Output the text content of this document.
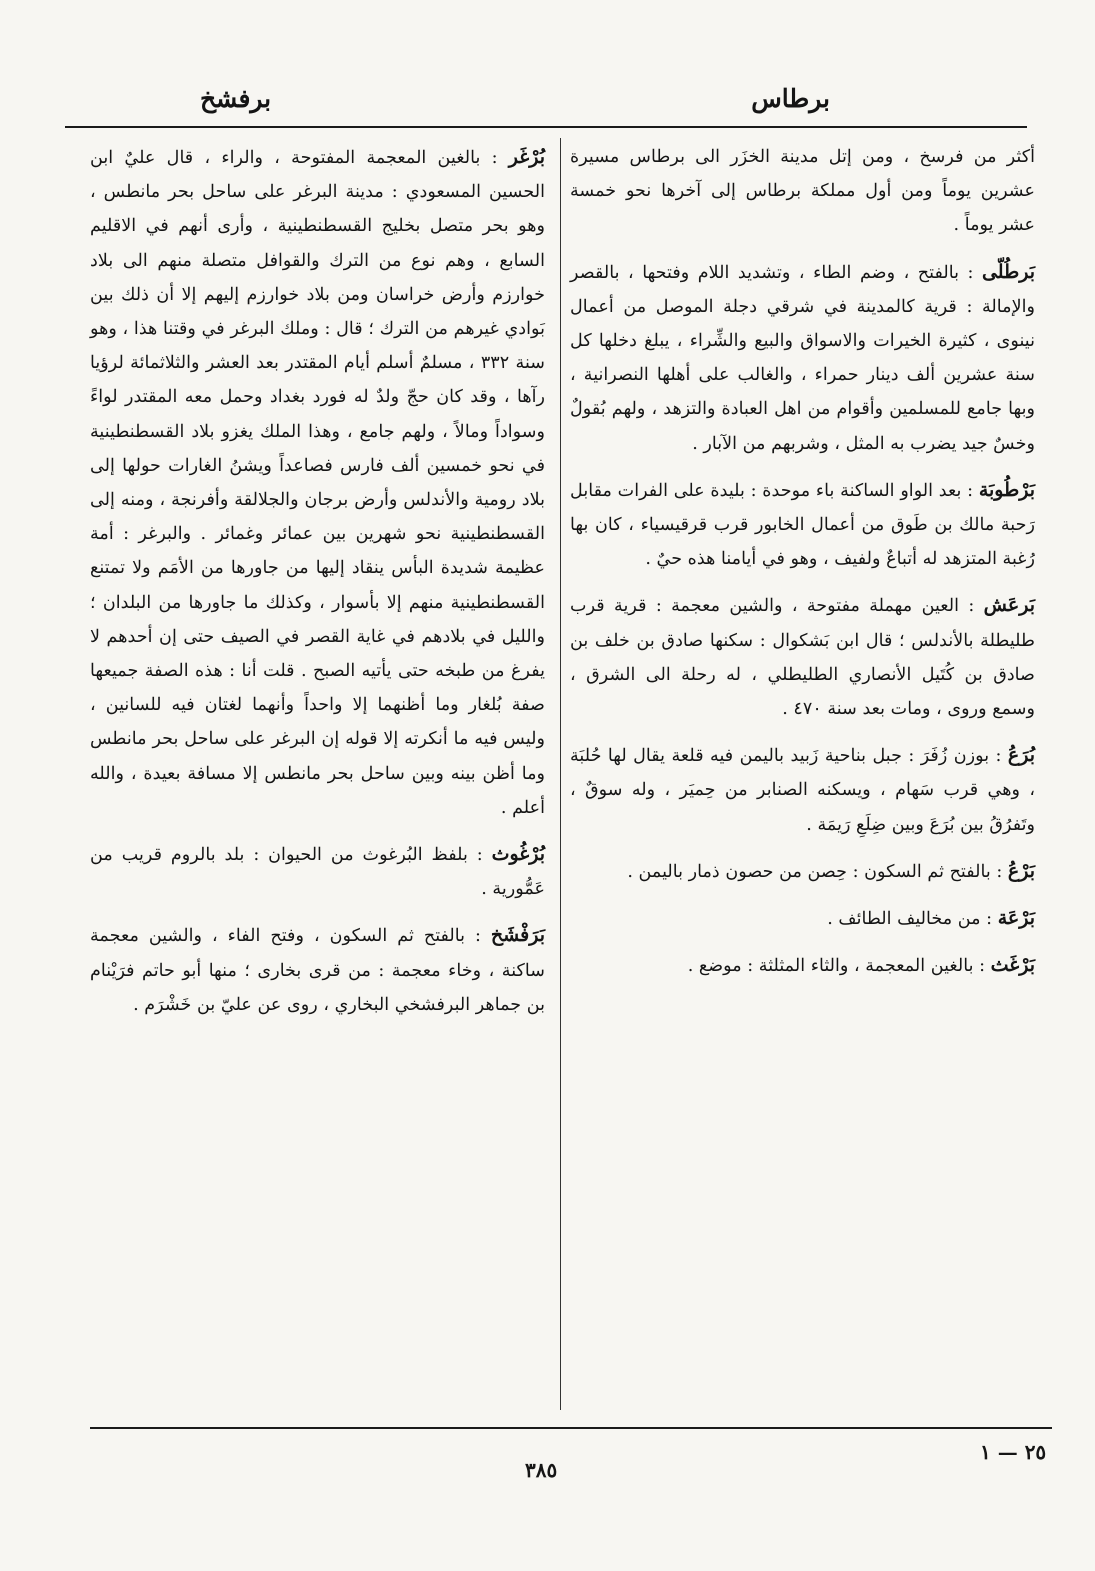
برطاس
برفشخ

أكثر من فرسخ ، ومن إتل مدينة الخزَر الى برطاس مسيرة عشرين يوماً ومن أول مملكة برطاس إلى آخرها نحو خمسة عشر يوماً .

بَرطُلّى : بالفتح ، وضم الطاء ، وتشديد اللام وفتحها ، بالقصر والإمالة : قرية كالمدينة في شرقي دجلة الموصل من أعمال نينوى ، كثيرة الخيرات والاسواق والبيع والشِّراء ، يبلغ دخلها كل سنة عشرين ألف دينار حمراء ، والغالب على أهلها النصرانية ، وبها جامع للمسلمين وأقوام من اهل العبادة والتزهد ، ولهم بُقولٌ وخسٌ جيد يضرب به المثل ، وشربهم من الآبار .

بَرْطُوبَة : بعد الواو الساكنة باء موحدة : بليدة على الفرات مقابل رَحبة مالك بن طَوق من أعمال الخابور قرب قرقيسياء ، كان بها رُغبة المتزهد له أتباعٌ ولفيف ، وهو في أيامنا هذه حيٌ .

بَرعَش : العين مهملة مفتوحة ، والشين معجمة : قرية قرب طليطلة بالأندلس ؛ قال ابن بَشكوال : سكنها صادق بن خلف بن صادق بن كُتَيل الأنصاري الطليطلي ، له رحلة الى الشرق ، وسمع وروى ، ومات بعد سنة ٤٧٠ .

بُرَعُ : بوزن زُفَرَ : جبل بناحية زَبيد باليمن فيه قلعة يقال لها حُلبَة ، وهي قرب سَهام ، ويسكنه الصنابر من حِميَر ، وله سوقٌ ، وتَفرُقُ بين بُرَعَ وبين ضِلَعِ رَيمَة .

بَرْعُ : بالفتح ثم السكون : حِصن من حصون ذمار باليمن .

بَرْعَة : من مخاليف الطائف .

بَرْغَث : بالغين المعجمة ، والثاء المثلثة : موضع .

بُرْغَر : بالغين المعجمة المفتوحة ، والراء ، قال عليٌ ابن الحسين المسعودي : مدينة البرغر على ساحل بحر مانطس ، وهو بحر متصل بخليج القسطنطينية ، وأرى أنهم في الاقليم السابع ، وهم نوع من الترك والقوافل متصلة منهم الى بلاد خوارزم وأرض خراسان ومن بلاد خوارزم إليهم إلا أن ذلك بين بَوادي غيرهم من الترك ؛ قال : وملك البرغر في وقتنا هذا ، وهو سنة ٣٣٢ ، مسلمٌ أسلم أيام المقتدر بعد العشر والثلاثمائة لرؤيا رآها ، وقد كان حجّ ولدٌ له فورد بغداد وحمل معه المقتدر لواءً وسواداً ومالاً ، ولهم جامع ، وهذا الملك يغزو بلاد القسطنطينية في نحو خمسين ألف فارس فصاعداً ويشنُ الغارات حولها إلى بلاد رومية والأندلس وأرض برجان والجلالقة وأفرنجة ، ومنه إلى القسطنطينية نحو شهرين بين عمائر وغمائر . والبرغر : أمة عظيمة شديدة البأس ينقاد إليها من جاورها من الأمَم ولا تمتنع القسطنطينية منهم إلا بأسوار ، وكذلك ما جاورها من البلدان ؛ والليل في بلادهم في غاية القصر في الصيف حتى إن أحدهم لا يفرغ من طبخه حتى يأتيه الصبح . قلت أنا : هذه الصفة جميعها صفة بُلغار وما أظنهما إلا واحداً وأنهما لغتان فيه للسانين ، وليس فيه ما أنكرته إلا قوله إن البرغر على ساحل بحر مانطس وما أظن بينه وبين ساحل بحر مانطس إلا مسافة بعيدة ، والله أعلم .

بُرْغُوث : بلفظ البُرغوث من الحيوان : بلد بالروم قريب من عَمُّورية .

بَرَفْشَخ : بالفتح ثم السكون ، وفتح الفاء ، والشين معجمة ساكنة ، وخاء معجمة : من قرى بخارى ؛ منها أبو حاتم فرَيْنام بن جماهر البرفشخي البخاري ، روى عن عليّ بن خَشْرَم .

٣٨٥
٢٥ — ١
